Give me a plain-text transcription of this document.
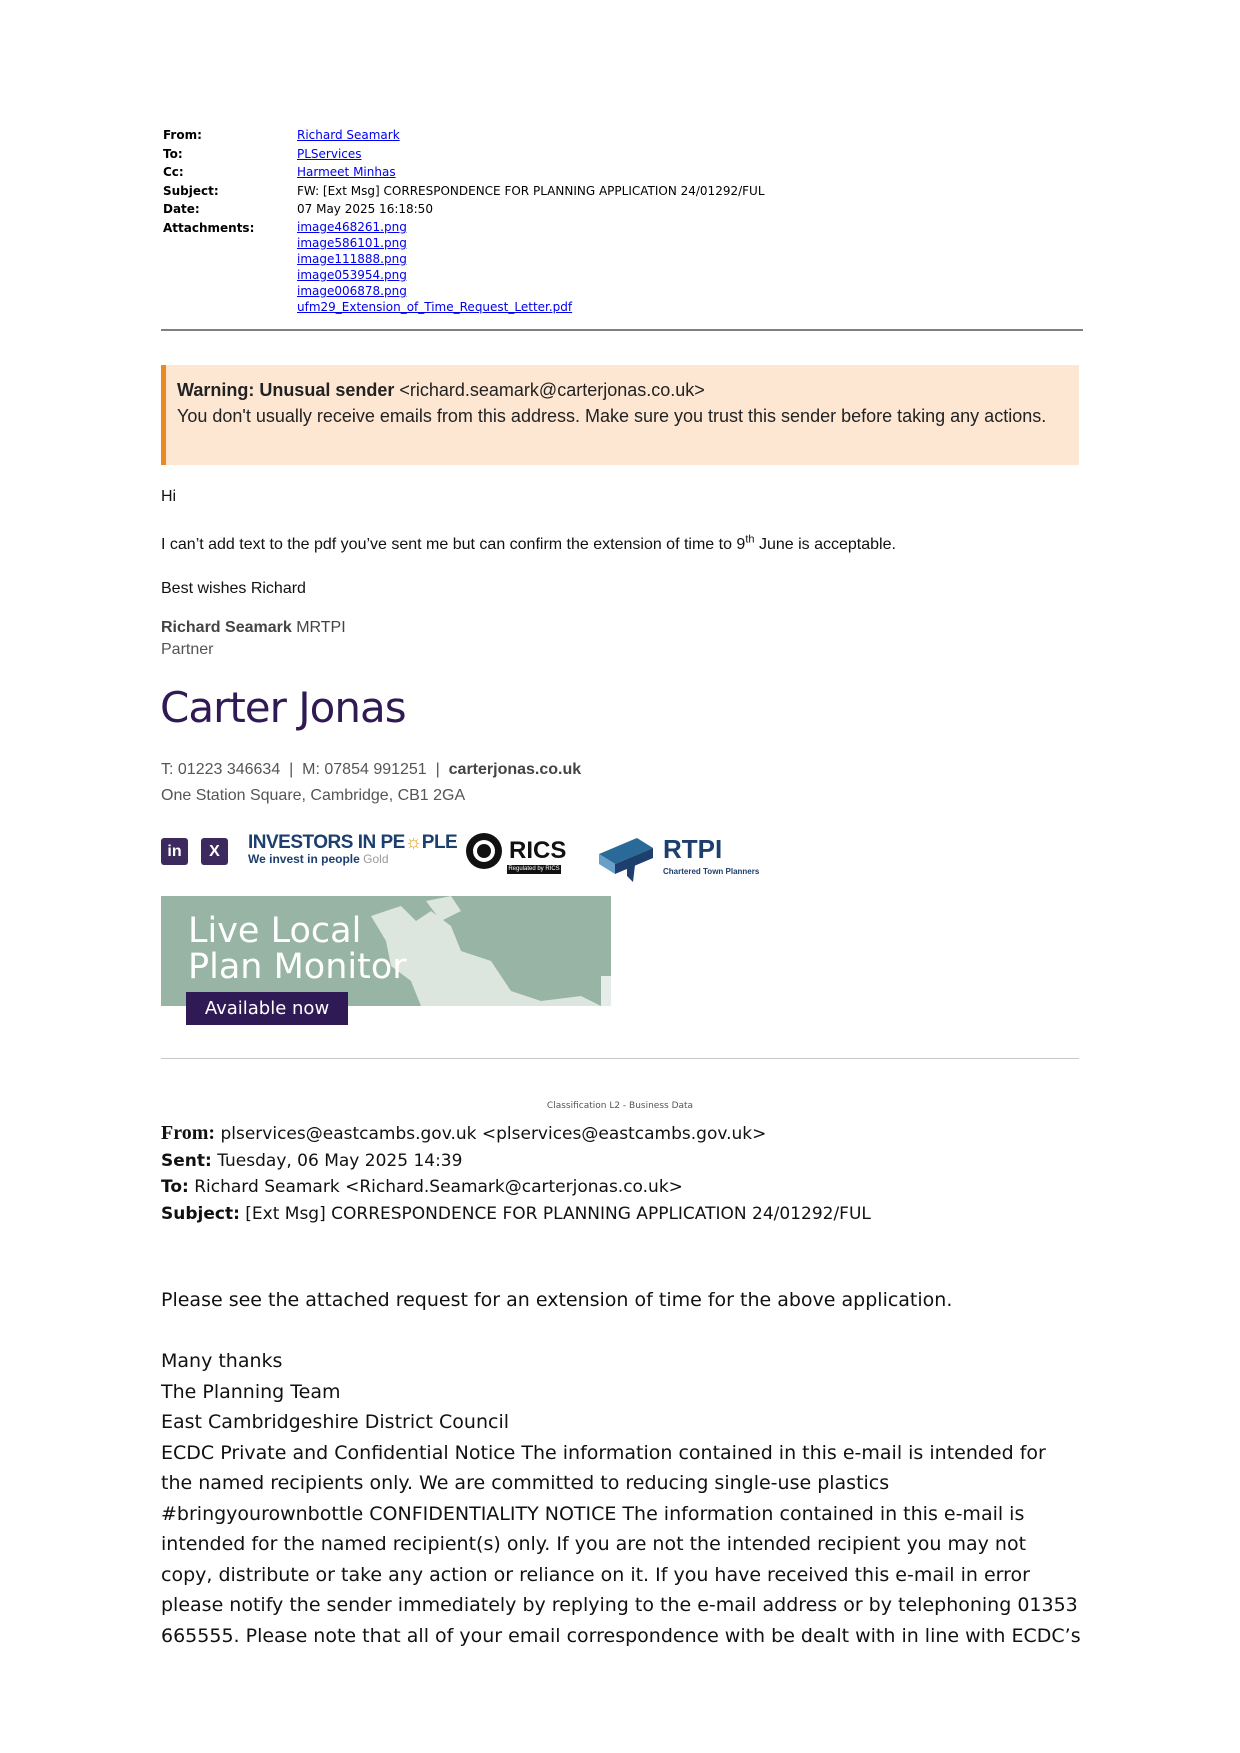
From:	Richard Seamark
To:	PLServices
Cc:	Harmeet Minhas
Subject:	FW: [Ext Msg] CORRESPONDENCE FOR PLANNING APPLICATION 24/01292/FUL
Date:	07 May 2025 16:18:50
Attachments:	image468261.png
image586101.png
image111888.png
image053954.png
image006878.png
ufm29_Extension_of_Time_Request_Letter.pdf
Warning: Unusual sender <richard.seamark@carterjonas.co.uk>
You don't usually receive emails from this address. Make sure you trust this sender before taking any actions.
Hi
I can’t add text to the pdf you’ve sent me but can confirm the extension of time to 9th June is acceptable.
Best wishes Richard
Richard Seamark MRTPI
Partner
Carter Jonas
T: 01223 346634 | M: 07854 991251 | carterjonas.co.uk
One Station Square, Cambridge, CB1 2GA
in	X	INVESTORS IN PE☼PLE
We invest in people Gold	RICS
Regulated by RICS
RTPI
Chartered Town Planners
Live Local
Plan Monitor
Available now
Classification L2 - Business Data
From: plservices@eastcambs.gov.uk <plservices@eastcambs.gov.uk>
Sent: Tuesday, 06 May 2025 14:39
To: Richard Seamark <Richard.Seamark@carterjonas.co.uk>
Subject: [Ext Msg] CORRESPONDENCE FOR PLANNING APPLICATION 24/01292/FUL
Please see the attached request for an extension of time for the above application.
Many thanks
The Planning Team
East Cambridgeshire District Council
ECDC Private and Confidential Notice The information contained in this e-mail is intended for the named recipients only. We are committed to reducing single-use plastics #bringyourownbottle CONFIDENTIALITY NOTICE The information contained in this e-mail is intended for the named recipient(s) only. If you are not the intended recipient you may not copy, distribute or take any action or reliance on it. If you have received this e-mail in error please notify the sender immediately by replying to the e-mail address or by telephoning 01353 665555. Please note that all of your email correspondence with be dealt with in line with ECDC’s
